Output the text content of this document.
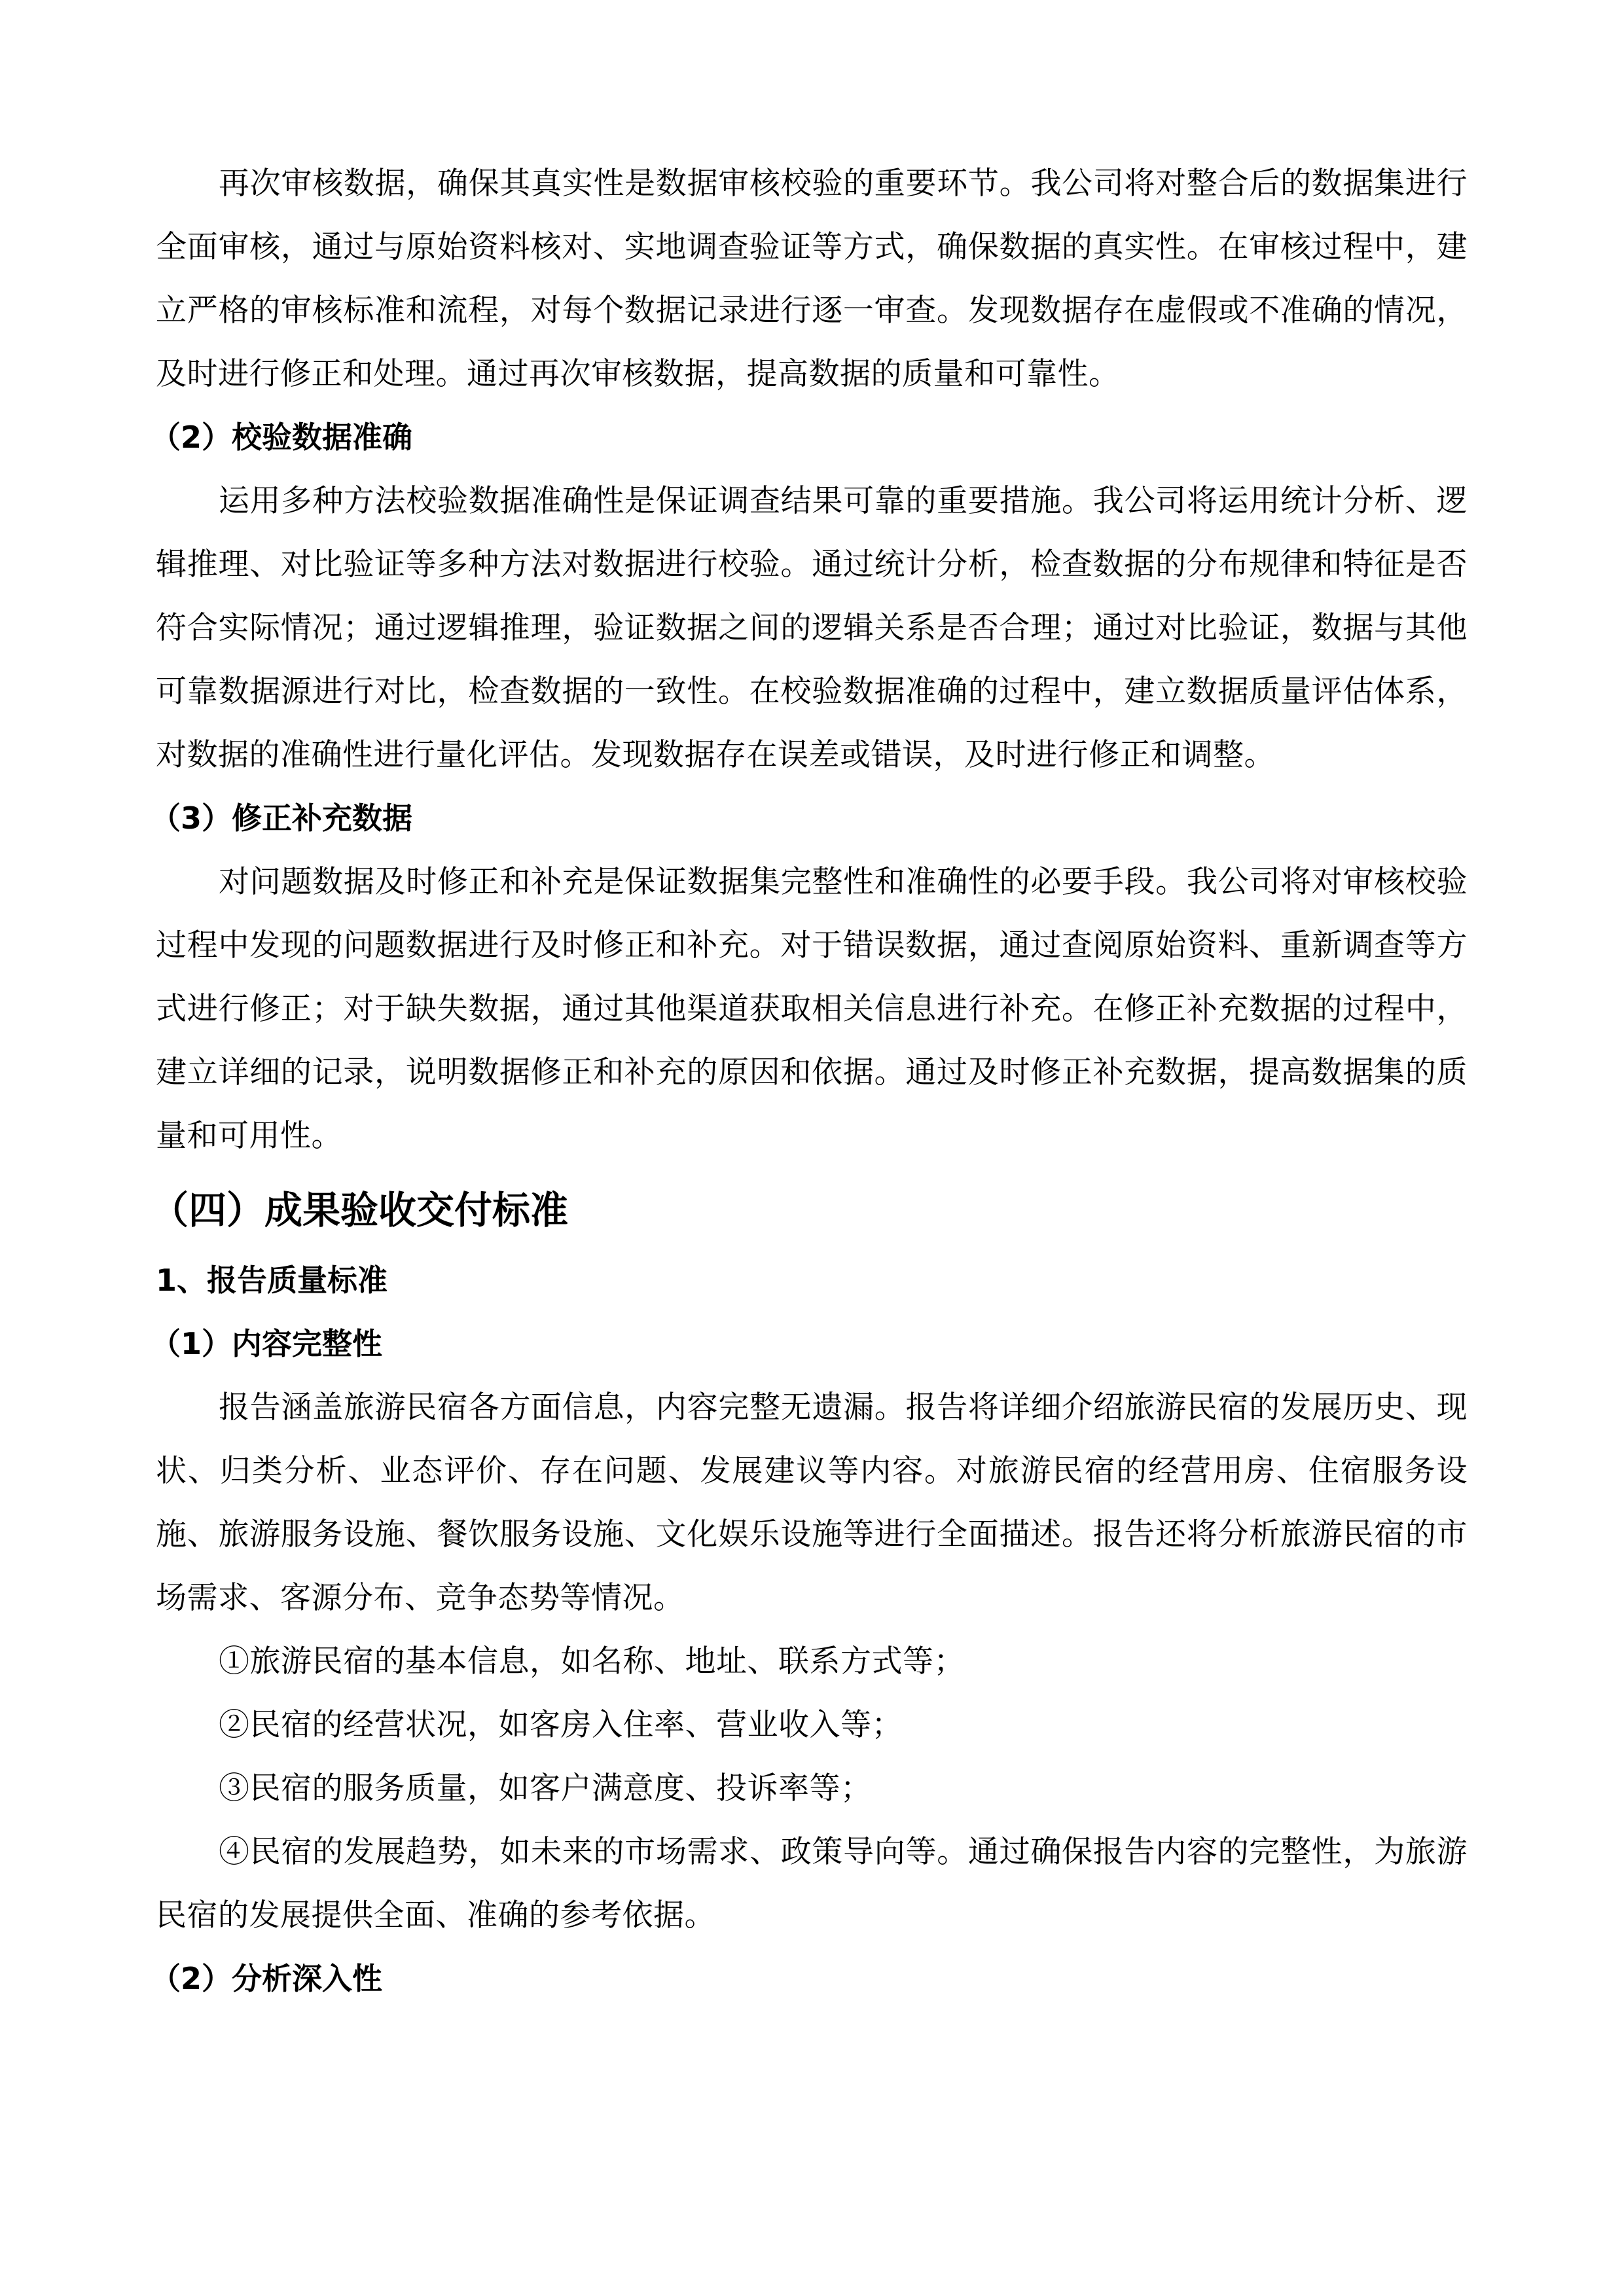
再次审核数据，确保其真实性是数据审核校验的重要环节。我公司将对整合后的数据集进行全面审核，通过与原始资料核对、实地调查验证等方式，确保数据的真实性。在审核过程中，建立严格的审核标准和流程，对每个数据记录进行逐一审查。发现数据存在虚假或不准确的情况，及时进行修正和处理。通过再次审核数据，提高数据的质量和可靠性。

（2）校验数据准确

运用多种方法校验数据准确性是保证调查结果可靠的重要措施。我公司将运用统计分析、逻辑推理、对比验证等多种方法对数据进行校验。通过统计分析，检查数据的分布规律和特征是否符合实际情况；通过逻辑推理，验证数据之间的逻辑关系是否合理；通过对比验证，数据与其他可靠数据源进行对比，检查数据的一致性。在校验数据准确的过程中，建立数据质量评估体系，对数据的准确性进行量化评估。发现数据存在误差或错误，及时进行修正和调整。

（3）修正补充数据

对问题数据及时修正和补充是保证数据集完整性和准确性的必要手段。我公司将对审核校验过程中发现的问题数据进行及时修正和补充。对于错误数据，通过查阅原始资料、重新调查等方式进行修正；对于缺失数据，通过其他渠道获取相关信息进行补充。在修正补充数据的过程中，建立详细的记录，说明数据修正和补充的原因和依据。通过及时修正补充数据，提高数据集的质量和可用性。

（四）成果验收交付标准

1、报告质量标准

（1）内容完整性

报告涵盖旅游民宿各方面信息，内容完整无遗漏。报告将详细介绍旅游民宿的发展历史、现状、归类分析、业态评价、存在问题、发展建议等内容。对旅游民宿的经营用房、住宿服务设施、旅游服务设施、餐饮服务设施、文化娱乐设施等进行全面描述。报告还将分析旅游民宿的市场需求、客源分布、竞争态势等情况。

①旅游民宿的基本信息，如名称、地址、联系方式等；

②民宿的经营状况，如客房入住率、营业收入等；

③民宿的服务质量，如客户满意度、投诉率等；

④民宿的发展趋势，如未来的市场需求、政策导向等。通过确保报告内容的完整性，为旅游民宿的发展提供全面、准确的参考依据。

（2）分析深入性
